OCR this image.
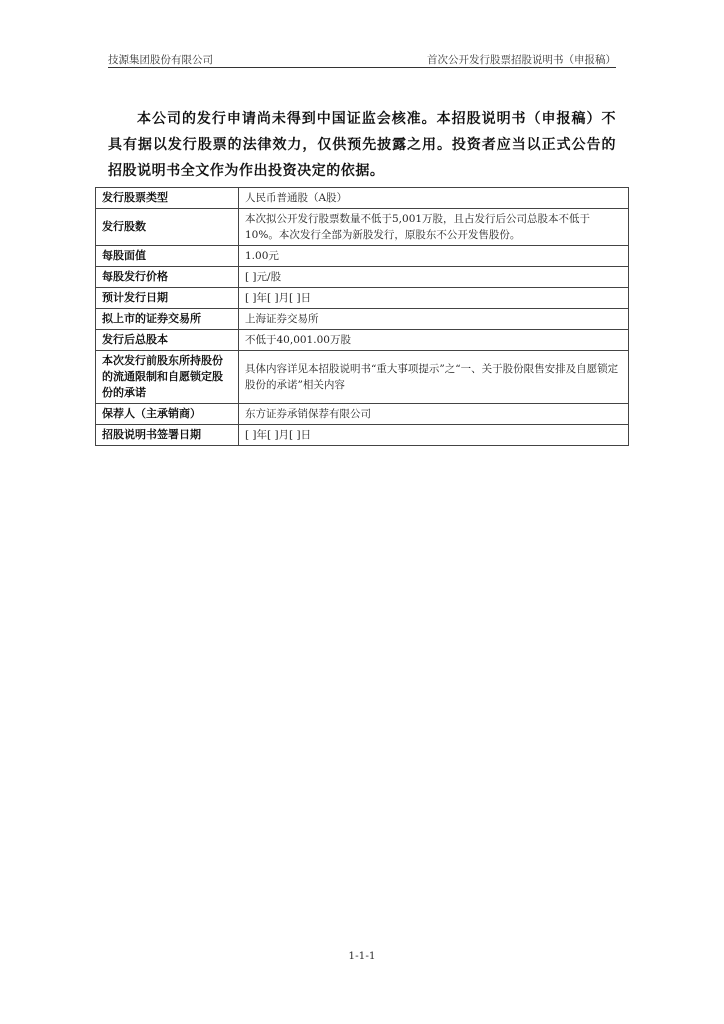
技源集团股份有限公司	首次公开发行股票招股说明书（申报稿）

本公司的发行申请尚未得到中国证监会核准。本招股说明书（申报稿）不具有据以发行股票的法律效力，仅供预先披露之用。投资者应当以正式公告的招股说明书全文作为作出投资决定的依据。

发行股票类型	人民币普通股（A股）
发行股数	本次拟公开发行股票数量不低于5,001万股，且占发行后公司总股本不低于10%。本次发行全部为新股发行，原股东不公开发售股份。
每股面值	1.00元
每股发行价格	[ ]元/股
预计发行日期	[ ]年[ ]月[ ]日
拟上市的证券交易所	上海证券交易所
发行后总股本	不低于40,001.00万股
本次发行前股东所持股份的流通限制和自愿锁定股份的承诺	具体内容详见本招股说明书“重大事项提示”之“一、关于股份限售安排及自愿锁定股份的承诺”相关内容
保荐人（主承销商）	东方证券承销保荐有限公司
招股说明书签署日期	[ ]年[ ]月[ ]日
1-1-1
